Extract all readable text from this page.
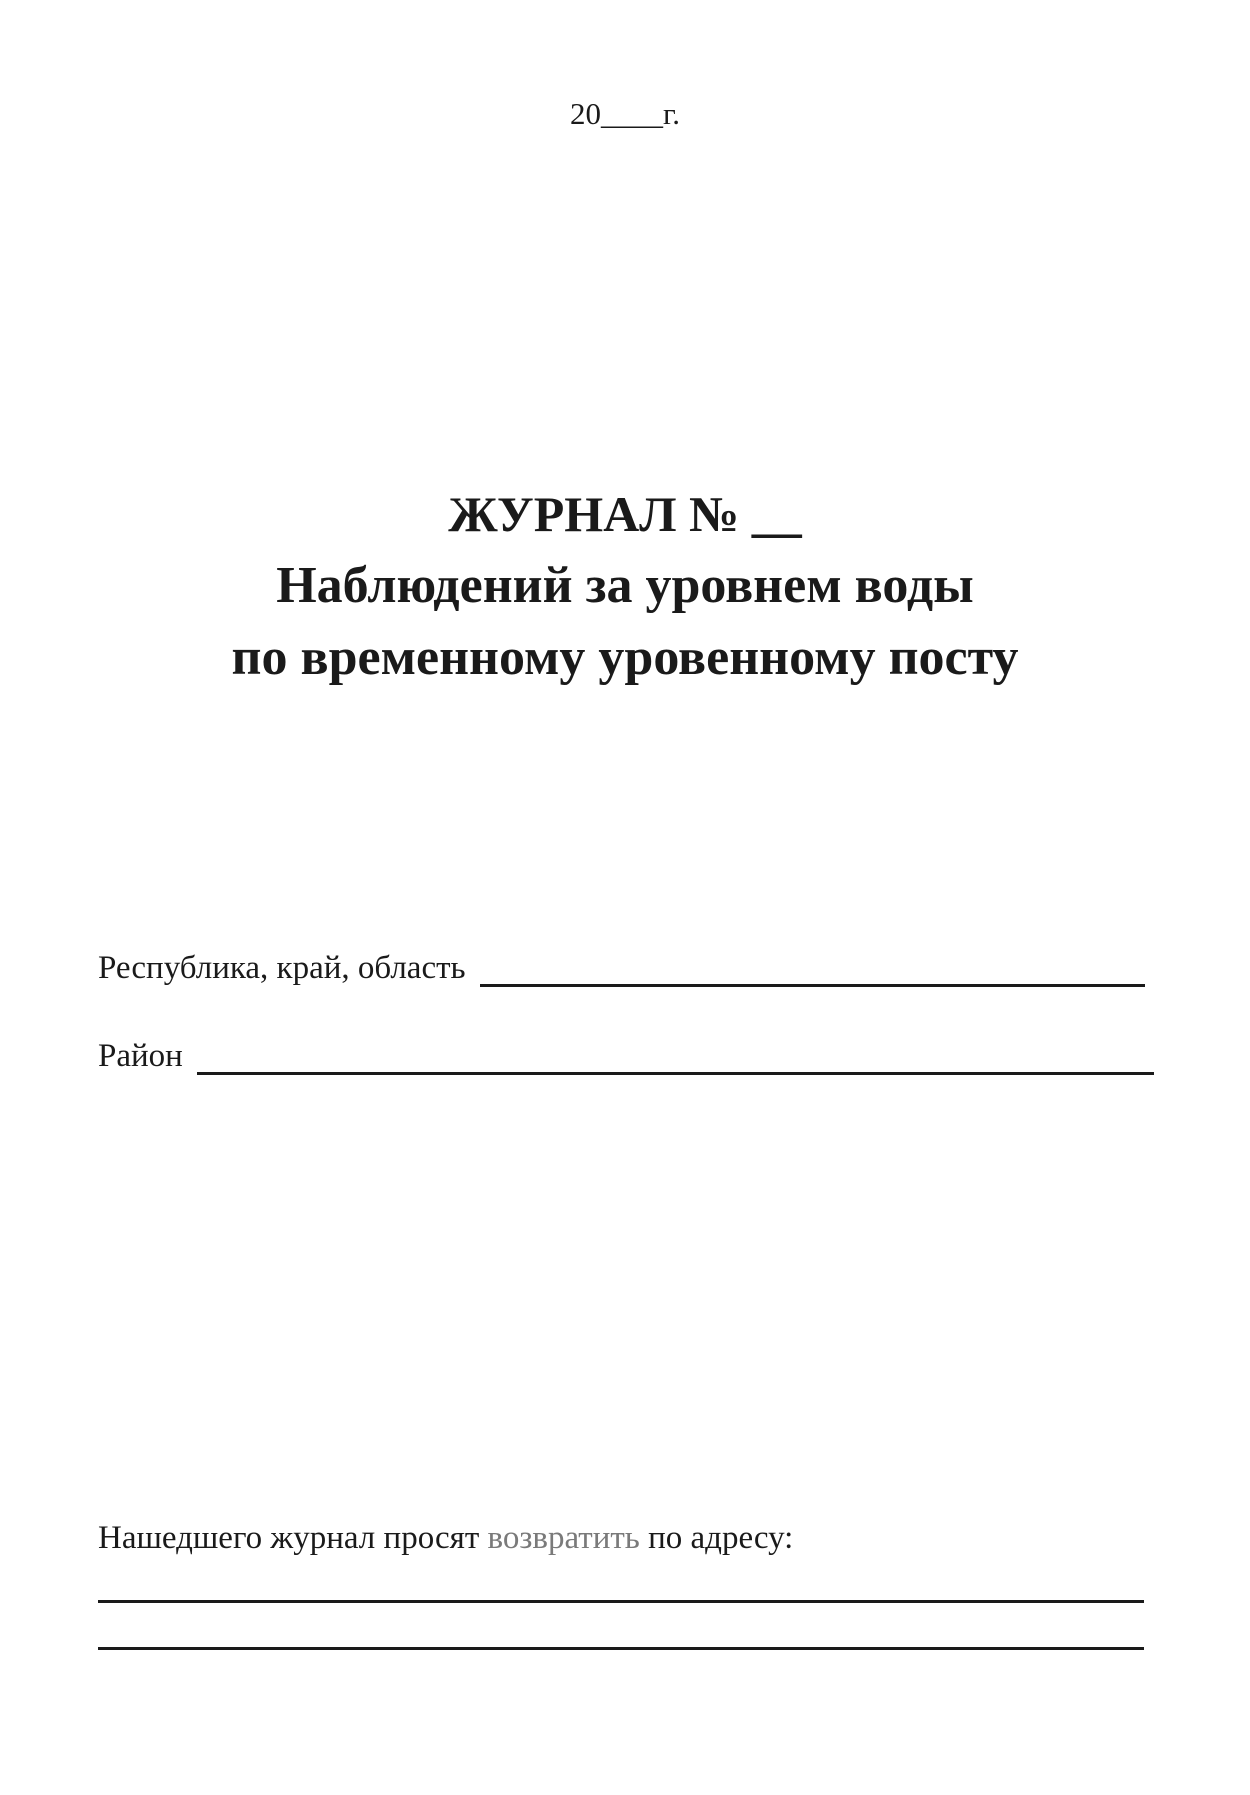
20____г.
ЖУРНАЛ № __
Наблюдений за уровнем воды
по временному уровенному посту
Республика, край, область
Район
Нашедшего журнал просят возвратить по адресу:
